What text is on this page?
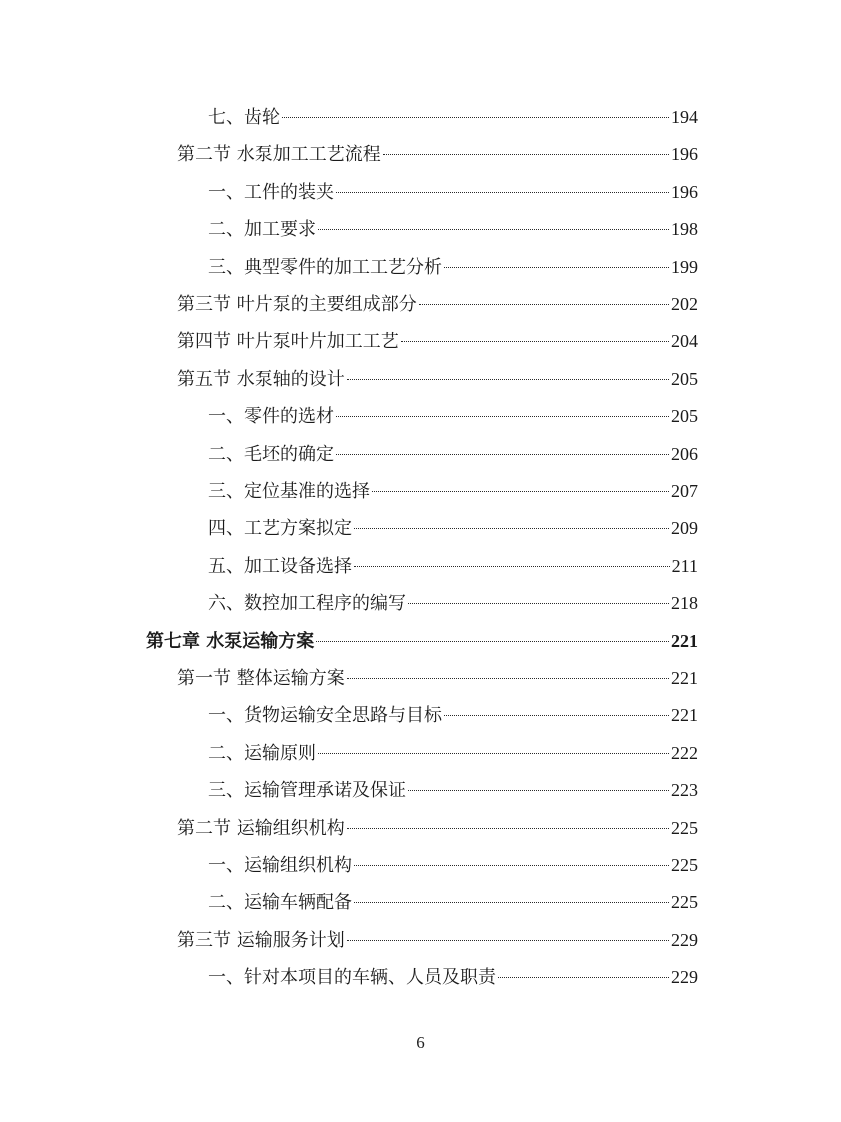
七、齿轮	194
第二节 水泵加工工艺流程	196
一、工件的装夹	196
二、加工要求	198
三、典型零件的加工工艺分析	199
第三节 叶片泵的主要组成部分	202
第四节 叶片泵叶片加工工艺	204
第五节 水泵轴的设计	205
一、零件的选材	205
二、毛坯的确定	206
三、定位基准的选择	207
四、工艺方案拟定	209
五、加工设备选择	211
六、数控加工程序的编写	218
第七章 水泵运输方案	221
第一节 整体运输方案	221
一、货物运输安全思路与目标	221
二、运输原则	222
三、运输管理承诺及保证	223
第二节 运输组织机构	225
一、运输组织机构	225
二、运输车辆配备	225
第三节 运输服务计划	229
一、针对本项目的车辆、人员及职责	229
6
